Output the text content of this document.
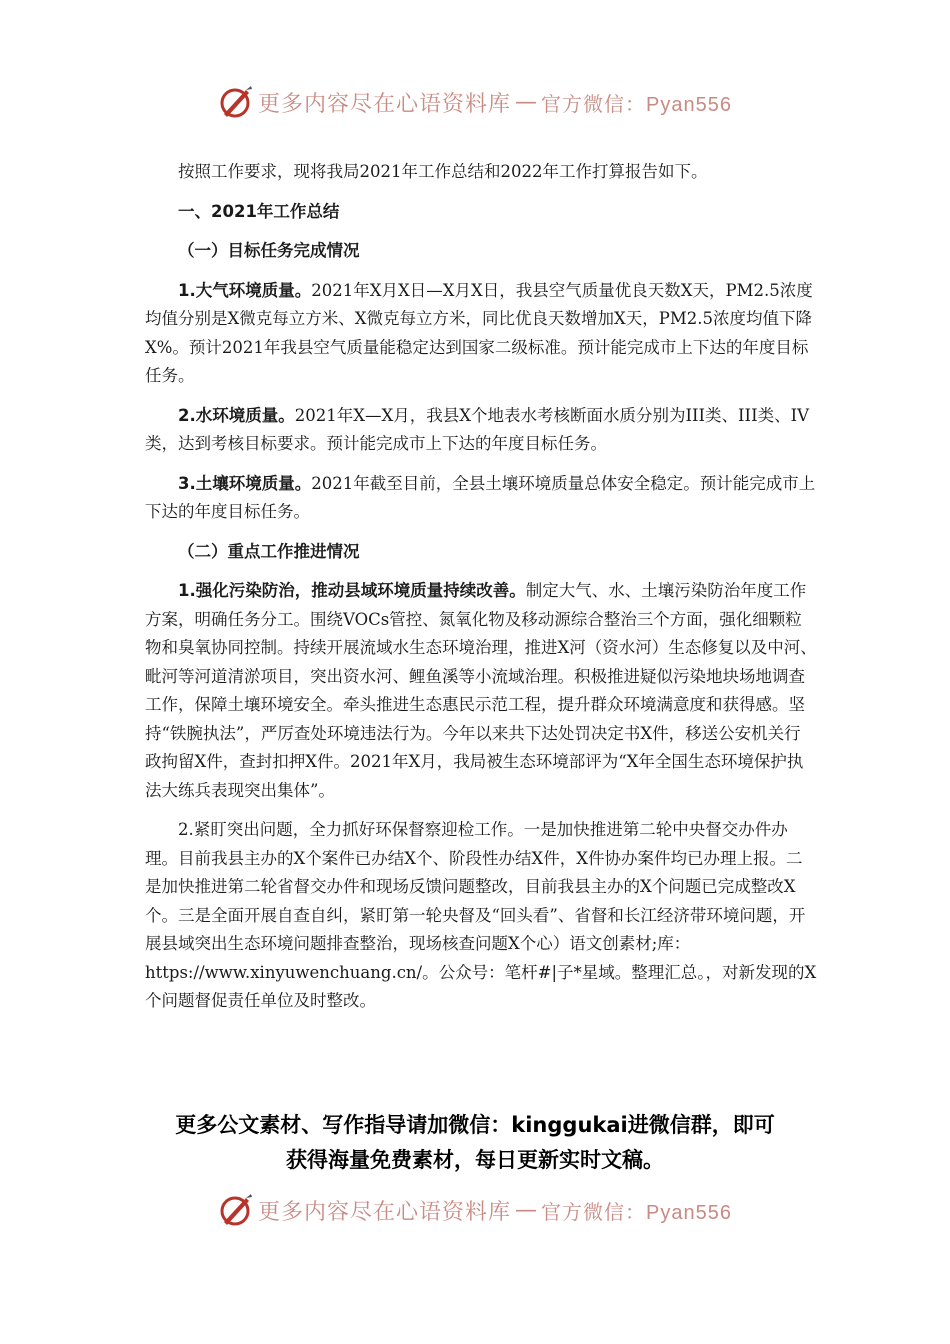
更多内容尽在心语资料库 — 官方微信：Pyan556

按照工作要求，现将我局2021年工作总结和2022年工作打算报告如下。

一、2021年工作总结

（一）目标任务完成情况

1.大气环境质量。2021年X月X日—X月X日，我县空气质量优良天数X天，PM2.5浓度均值分别是X微克每立方米、X微克每立方米，同比优良天数增加X天，PM2.5浓度均值下降X%。预计2021年我县空气质量能稳定达到国家二级标准。预计能完成市上下达的年度目标任务。

2.水环境质量。2021年X—X月，我县X个地表水考核断面水质分别为III类、III类、IV类，达到考核目标要求。预计能完成市上下达的年度目标任务。

3.土壤环境质量。2021年截至目前，全县土壤环境质量总体安全稳定。预计能完成市上下达的年度目标任务。

（二）重点工作推进情况

1.强化污染防治，推动县域环境质量持续改善。制定大气、水、土壤污染防治年度工作方案，明确任务分工。围绕VOCs管控、氮氧化物及移动源综合整治三个方面，强化细颗粒物和臭氧协同控制。持续开展流域水生态环境治理，推进X河（资水河）生态修复以及中河、毗河等河道清淤项目，突出资水河、鲤鱼溪等小流域治理。积极推进疑似污染地块场地调查工作，保障土壤环境安全。牵头推进生态惠民示范工程，提升群众环境满意度和获得感。坚持“铁腕执法”，严厉查处环境违法行为。今年以来共下达处罚决定书X件，移送公安机关行政拘留X件，查封扣押X件。2021年X月，我局被生态环境部评为“X年全国生态环境保护执法大练兵表现突出集体”。

2.紧盯突出问题，全力抓好环保督察迎检工作。一是加快推进第二轮中央督交办件办理。目前我县主办的X个案件已办结X个、阶段性办结X件，X件协办案件均已办理上报。二是加快推进第二轮省督交办件和现场反馈问题整改，目前我县主办的X个问题已完成整改X个。三是全面开展自查自纠，紧盯第一轮央督及“回头看”、省督和长江经济带环境问题，开展县域突出生态环境问题排查整治，现场核查问题X个心）语文创素材;库：https://www.xinyuwenchuang.cn/。公众号：笔杆#|子*星域。整理汇总。，对新发现的X个问题督促责任单位及时整改。

更多公文素材、写作指导请加微信：kinggukai进微信群，即可
获得海量免费素材，每日更新实时文稿。
更多内容尽在心语资料库 — 官方微信：Pyan556
